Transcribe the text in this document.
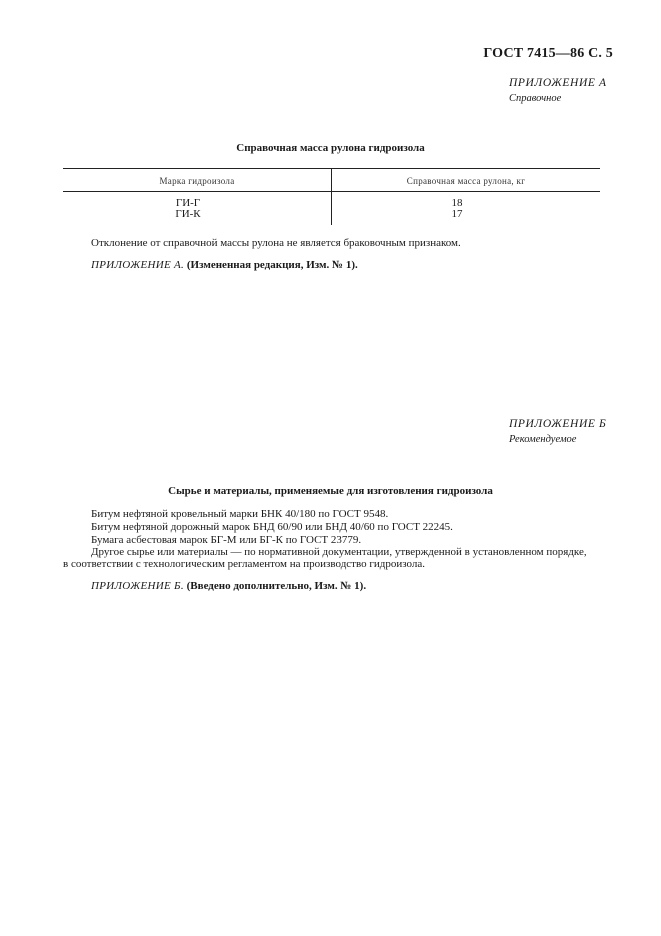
ГОСТ 7415—86 С. 5
ПРИЛОЖЕНИЕ А
Справочное
Справочная масса рулона гидроизола
Марка гидроизола	Справочная масса рулона, кг
ГИ-Г	18
ГИ-К	17
Отклонение от справочной массы рулона не является браковочным признаком.
ПРИЛОЖЕНИЕ А. (Измененная редакция, Изм. № 1).
ПРИЛОЖЕНИЕ Б
Рекомендуемое
Сырье и материалы, применяемые для изготовления гидроизола
Битум нефтяной кровельный марки БНК 40/180 по ГОСТ 9548.
Битум нефтяной дорожный марок БНД 60/90 или БНД 40/60 по ГОСТ 22245.
Бумага асбестовая марок БГ-М или БГ-К по ГОСТ 23779.
Другое сырье или материалы — по нормативной документации, утвержденной в установленном порядке,
в соответствии с технологическим регламентом на производство гидроизола.
ПРИЛОЖЕНИЕ Б. (Введено дополнительно, Изм. № 1).
